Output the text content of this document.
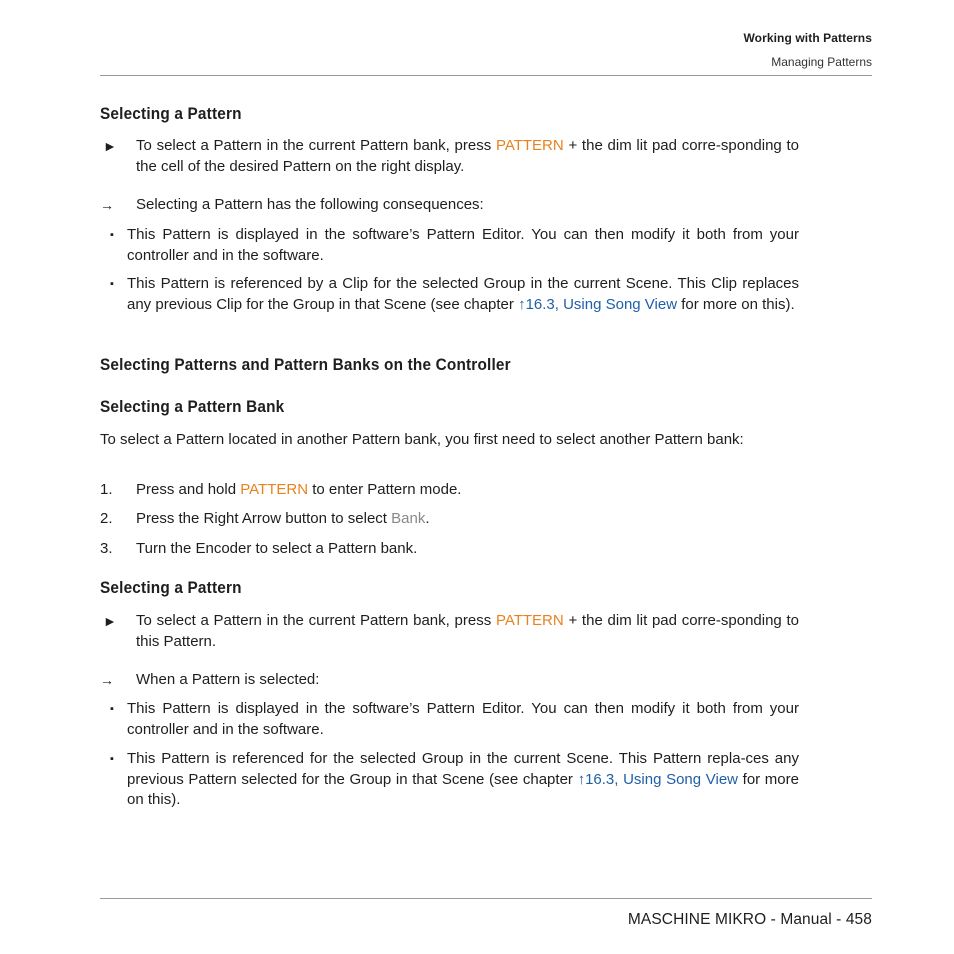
Working with Patterns
Managing Patterns
Selecting a Pattern
► To select a Pattern in the current Pattern bank, press PATTERN + the dim lit pad corre-sponding to the cell of the desired Pattern on the right display.
→ Selecting a Pattern has the following consequences:
▪ This Pattern is displayed in the software’s Pattern Editor. You can then modify it both from your controller and in the software.
▪ This Pattern is referenced by a Clip for the selected Group in the current Scene. This Clip replaces any previous Clip for the Group in that Scene (see chapter ↑16.3, Using Song View for more on this).
Selecting Patterns and Pattern Banks on the Controller
Selecting a Pattern Bank
To select a Pattern located in another Pattern bank, you first need to select another Pattern bank:
1. Press and hold PATTERN to enter Pattern mode.
2. Press the Right Arrow button to select Bank.
3. Turn the Encoder to select a Pattern bank.
Selecting a Pattern
► To select a Pattern in the current Pattern bank, press PATTERN + the dim lit pad corre-sponding to this Pattern.
→ When a Pattern is selected:
▪ This Pattern is displayed in the software’s Pattern Editor. You can then modify it both from your controller and in the software.
▪ This Pattern is referenced for the selected Group in the current Scene. This Pattern repla-ces any previous Pattern selected for the Group in that Scene (see chapter ↑16.3, Using Song View for more on this).
MASCHINE MIKRO - Manual - 458
